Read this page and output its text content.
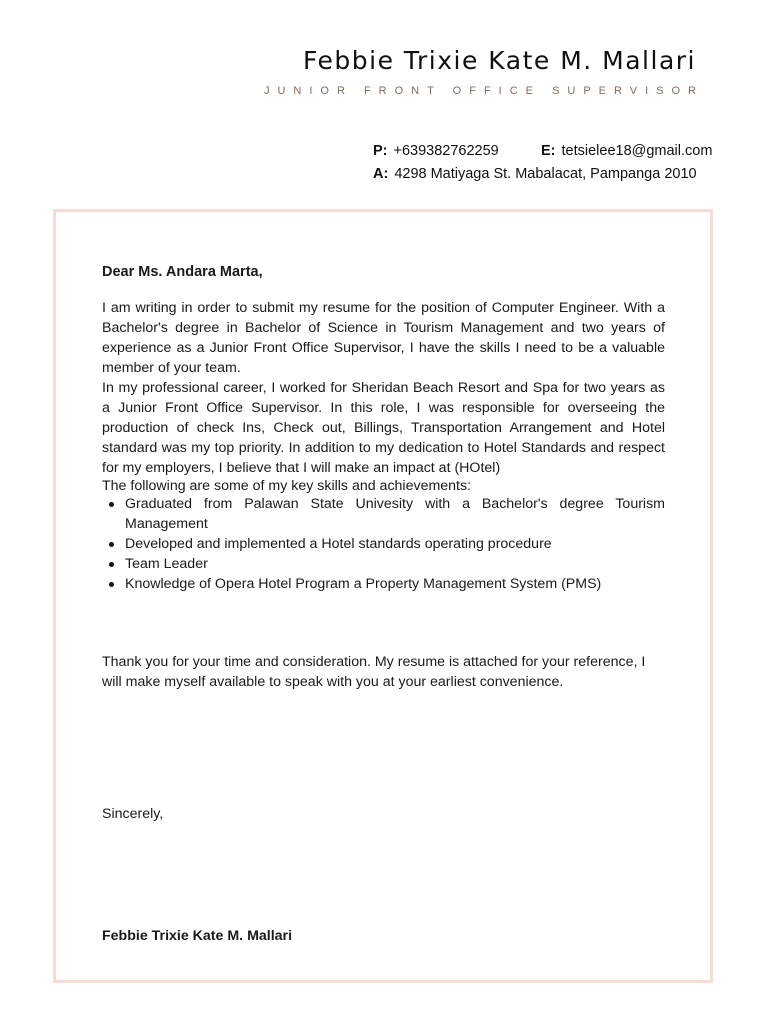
Febbie Trixie Kate M. Mallari
JUNIOR FRONT OFFICE SUPERVISOR
P: +639382762259	E: tetsielee18@gmail.com
A: 4298 Matiyaga St. Mabalacat, Pampanga 2010
Dear Ms. Andara Marta,
I am writing in order to submit my resume for the position of Computer Engineer. With a Bachelor's degree in Bachelor of Science in Tourism Management and two years of experience as a Junior Front Office Supervisor, I have the skills I need to be a valuable member of your team.
In my professional career, I worked for Sheridan Beach Resort and Spa for two years as a Junior Front Office Supervisor. In this role, I was responsible for overseeing the production of check Ins, Check out, Billings, Transportation Arrangement and Hotel standard was my top priority. In addition to my dedication to Hotel Standards and respect for my employers, I believe that I will make an impact at (HOtel)
The following are some of my key skills and achievements:
Graduated from Palawan State Univesity with a Bachelor's degree Tourism Management
Developed and implemented a Hotel standards operating procedure
Team Leader
Knowledge of Opera Hotel Program a Property Management System (PMS)
Thank you for your time and consideration. My resume is attached for your reference, I will make myself available to speak with you at your earliest convenience.
Sincerely,
Febbie Trixie Kate M. Mallari
